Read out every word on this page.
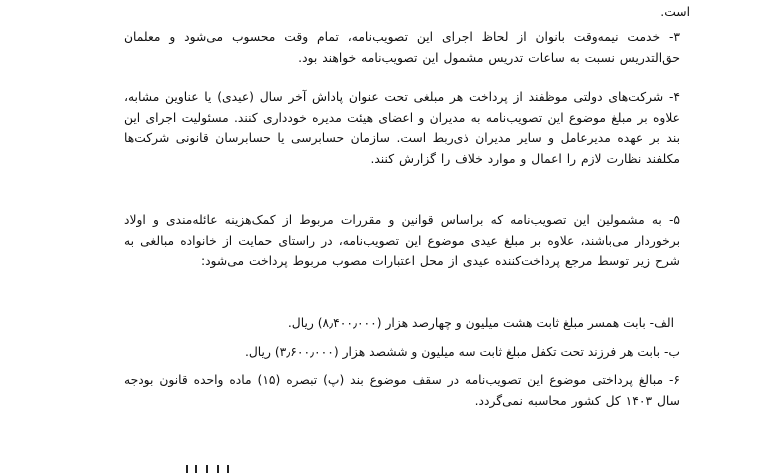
است.

۳- خدمت نیمه‌وقت بانوان از لحاظ اجرای این تصویب‌نامه، تمام وقت محسوب می‌شود و معلمان حق‌التدریس نسبت به ساعات تدریس مشمول این تصویب‌نامه خواهند بود.

۴- شرکت‌های دولتی موظفند از پرداخت هر مبلغی تحت عنوان پاداش آخر سال (عیدی) یا عناوین مشابه، علاوه بر مبلغ موضوع این تصویب‌نامه به مدیران و اعضای هیئت مدیره خودداری کنند. مسئولیت اجرای این بند بر عهده مدیرعامل و سایر مدیران ذی‌ربط است. سازمان حسابرسی یا حسابرسان قانونی شرکت‌ها مکلفند نظارت لازم را اعمال و موارد خلاف را گزارش کنند.

۵- به مشمولین این تصویب‌نامه که براساس قوانین و مقررات مربوط از کمک‌هزینه عائله‌مندی و اولاد برخوردار می‌باشند، علاوه بر مبلغ عیدی موضوع این تصویب‌نامه، در راستای حمایت از خانواده مبالغی به شرح زیر توسط مرجع پرداخت‌کننده عیدی از محل اعتبارات مصوب مربوط پرداخت می‌شود:

الف- بابت همسر مبلغ ثابت هشت میلیون و چهارصد هزار (۸٫۴۰۰٫۰۰۰) ریال.
ب- بابت هر فرزند تحت تکفل مبلغ ثابت سه میلیون و ششصد هزار (۳٫۶۰۰٫۰۰۰) ریال.

۶- مبالغ پرداختی موضوع این تصویب‌نامه در سقف موضوع بند (پ) تبصره (۱۵) ماده واحده قانون بودجه سال ۱۴۰۳ کل کشور محاسبه نمی‌گردد.
